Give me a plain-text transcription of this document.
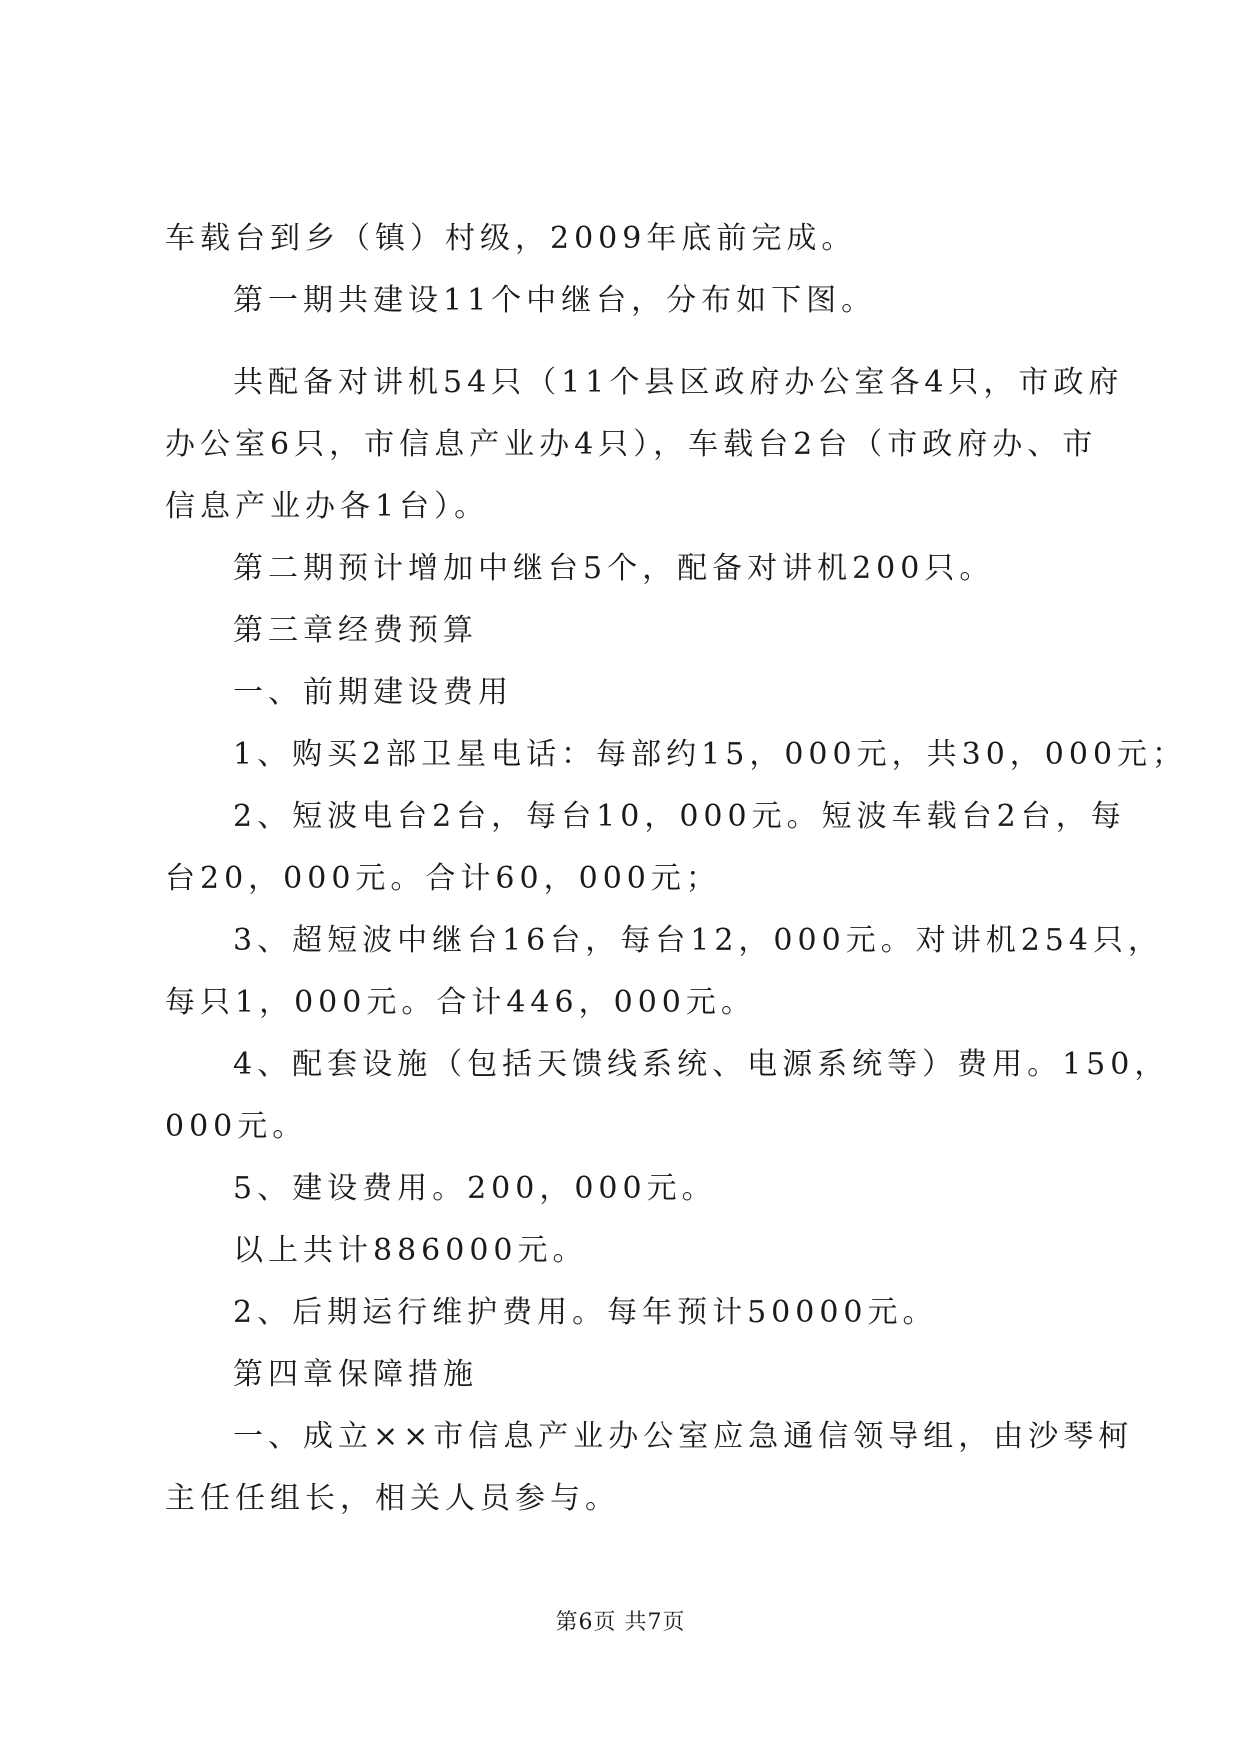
车载台到乡（镇）村级，2009年底前完成。
第一期共建设11个中继台，分布如下图。
共配备对讲机54只（11个县区政府办公室各4只，市政府
办公室6只，市信息产业办4只），车载台2台（市政府办、市
信息产业办各1台）。
第二期预计增加中继台5个，配备对讲机200只。
第三章经费预算
一、前期建设费用
1、购买2部卫星电话：每部约15，000元，共30，000元；
2、短波电台2台，每台10，000元。短波车载台2台，每
台20，000元。合计60，000元；
3、超短波中继台16台，每台12，000元。对讲机254只，
每只1，000元。合计446，000元。
4、配套设施（包括天馈线系统、电源系统等）费用。150，
000元。
5、建设费用。200，000元。
以上共计886000元。
2、后期运行维护费用。每年预计50000元。
第四章保障措施
一、成立××市信息产业办公室应急通信领导组，由沙琴柯
主任任组长，相关人员参与。
第6页 共7页
